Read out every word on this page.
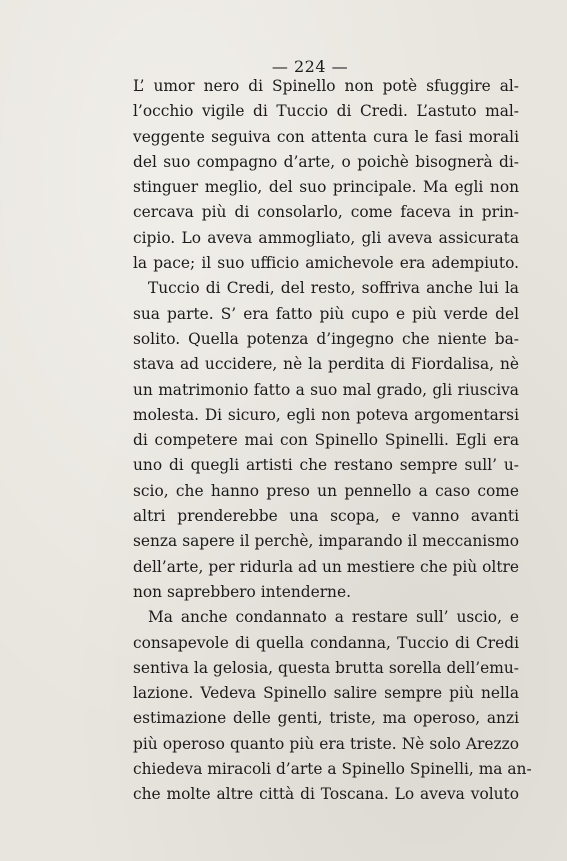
— 224 —
L’ umor nero di Spinello non potè sfuggire al-
l’occhio vigile di Tuccio di Credi. L’astuto mal-
veggente seguiva con attenta cura le fasi morali
del suo compagno d’arte, o poichè bisognerà di-
stinguer meglio, del suo principale. Ma egli non
cercava più di consolarlo, come faceva in prin-
cipio. Lo aveva ammogliato, gli aveva assicurata
la pace; il suo ufficio amichevole era adempiuto.
Tuccio di Credi, del resto, soffriva anche lui la
sua parte. S’ era fatto più cupo e più verde del
solito. Quella potenza d’ingegno che niente ba-
stava ad uccidere, nè la perdita di Fiordalisa, nè
un matrimonio fatto a suo mal grado, gli riusciva
molesta. Di sicuro, egli non poteva argomentarsi
di competere mai con Spinello Spinelli. Egli era
uno di quegli artisti che restano sempre sull’ u-
scio, che hanno preso un pennello a caso come
altri prenderebbe una scopa, e vanno avanti
senza sapere il perchè, imparando il meccanismo
dell’arte, per ridurla ad un mestiere che più oltre
non saprebbero intenderne.
Ma anche condannato a restare sull’ uscio, e
consapevole di quella condanna, Tuccio di Credi
sentiva la gelosia, questa brutta sorella dell’emu-
lazione. Vedeva Spinello salire sempre più nella
estimazione delle genti, triste, ma operoso, anzi
più operoso quanto più era triste. Nè solo Arezzo
chiedeva miracoli d’arte a Spinello Spinelli, ma an-
che molte altre città di Toscana. Lo aveva voluto
